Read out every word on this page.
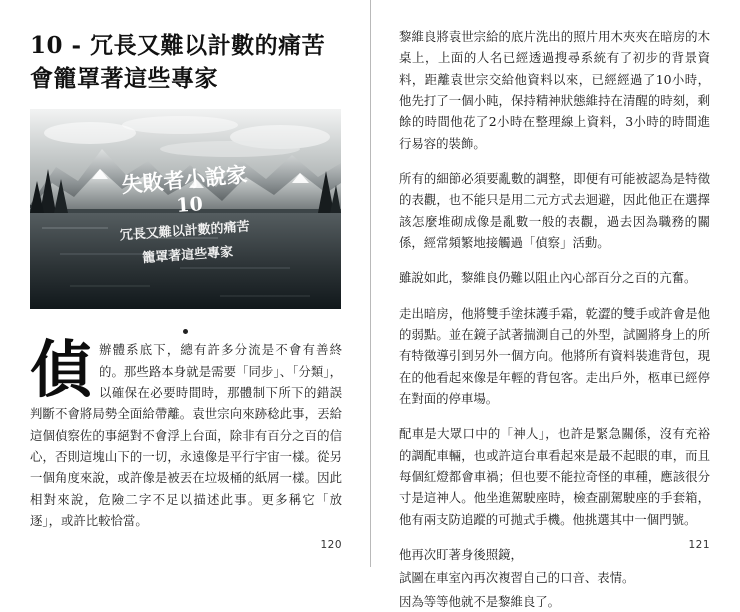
10 - 冗長又難以計數的痛苦會籠罩著這些專家
失敗者小說家
10
冗長又難以計數的痛苦
籠罩著這些專家

偵辦體系底下，總有許多分流是不會有善終的。那些路本身就是需要「同步」、「分類」，以確保在必要時間時，那體制下所下的錯誤判斷不會將局勢全面給帶離。袁世宗向來跡稔此事，丟給這個偵察佐的事絕對不會浮上台面，除非有百分之百的信心，否則這塊山下的一切，永遠像是平行宇宙一樣。從另一個角度來說，或許像是被丟在垃圾桶的紙屑一樣。因此相對來說，危險二字不足以描述此事。更多稱它「放逐」，或許比較恰當。

120

黎維良將袁世宗給的底片洗出的照片用木夾夾在暗房的木桌上，上面的人名已經透過搜尋系統有了初步的背景資料，距離袁世宗交給他資料以來，已經經過了10小時，他先打了一個小盹，保持精神狀態維持在清醒的時刻，剩餘的時間他花了2小時在整理線上資料，3小時的時間進行易容的裝飾。

所有的細節必須要亂數的調整，即便有可能被認為是特徵的表觀，也不能只是用二元方式去迴避，因此他正在選擇該怎麼堆砌成像是亂數一般的表觀，過去因為職務的關係，經常頻繁地接觸過「偵察」活動。

雖說如此，黎維良仍難以阻止內心部百分之百的亢奮。

走出暗房，他將雙手塗抹護手霜，乾澀的雙手或許會是他的弱點。並在鏡子試著揣測自己的外型，試圖將身上的所有特徵導引到另外一個方向。他將所有資料裝進背包，現在的他看起來像是年輕的背包客。走出戶外，柩車已經停在對面的停車場。

配車是大眾口中的「神人」，也許是緊急關係，沒有充裕的調配車輛，也或許這台車看起來是最不起眼的車，而且每個紅燈都會車禍；但也要不能拉奇怪的車種，應該很分寸是這神人。他坐進駕駛座時，檢查副駕駛座的手套箱，他有兩支防追蹤的可拋式手機。他挑選其中一個門號。

他再次盯著身後照鏡，

試圖在車室內再次複習自己的口音、表情。

因為等等他就不是黎維良了。

121
